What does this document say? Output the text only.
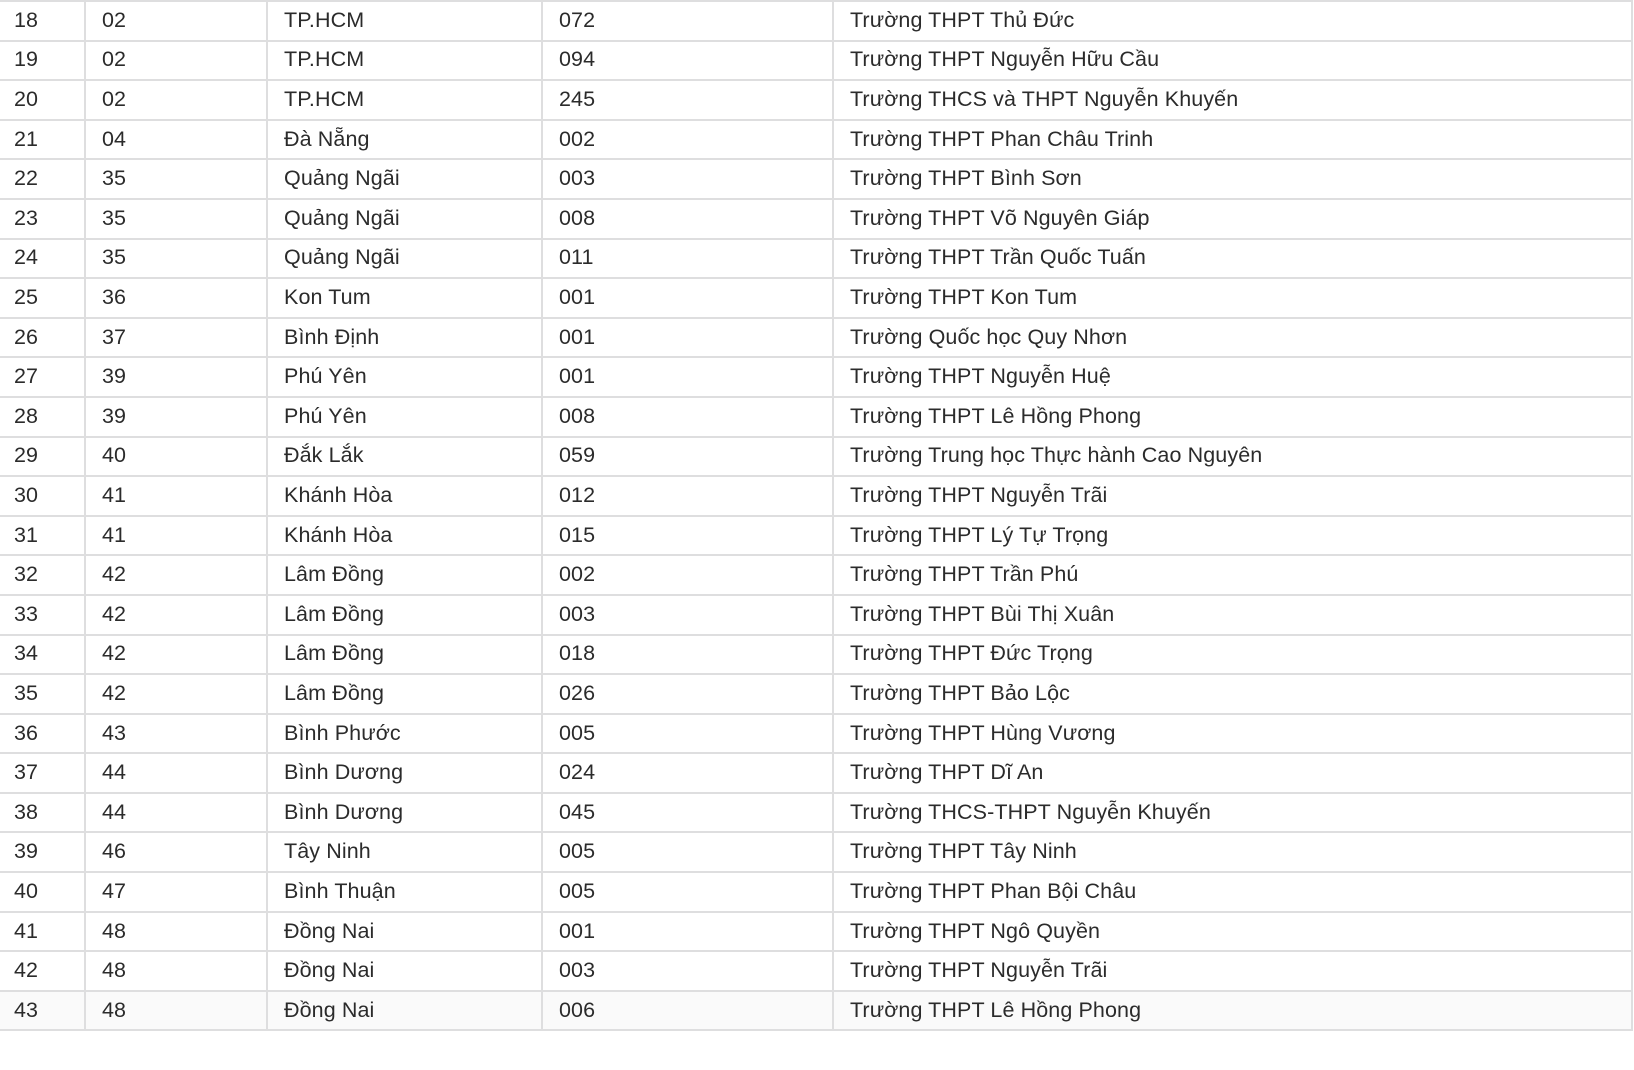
18	02	TP.HCM	072	Trường THPT Thủ Đức
19	02	TP.HCM	094	Trường THPT Nguyễn Hữu Cầu
20	02	TP.HCM	245	Trường THCS và THPT Nguyễn Khuyến
21	04	Đà Nẵng	002	Trường THPT Phan Châu Trinh
22	35	Quảng Ngãi	003	Trường THPT Bình Sơn
23	35	Quảng Ngãi	008	Trường THPT Võ Nguyên Giáp
24	35	Quảng Ngãi	011	Trường THPT Trần Quốc Tuấn
25	36	Kon Tum	001	Trường THPT Kon Tum
26	37	Bình Định	001	Trường Quốc học Quy Nhơn
27	39	Phú Yên	001	Trường THPT Nguyễn Huệ
28	39	Phú Yên	008	Trường THPT Lê Hồng Phong
29	40	Đắk Lắk	059	Trường Trung học Thực hành Cao Nguyên
30	41	Khánh Hòa	012	Trường THPT Nguyễn Trãi
31	41	Khánh Hòa	015	Trường THPT Lý Tự Trọng
32	42	Lâm Đồng	002	Trường THPT Trần Phú
33	42	Lâm Đồng	003	Trường THPT Bùi Thị Xuân
34	42	Lâm Đồng	018	Trường THPT Đức Trọng
35	42	Lâm Đồng	026	Trường THPT Bảo Lộc
36	43	Bình Phước	005	Trường THPT Hùng Vương
37	44	Bình Dương	024	Trường THPT Dĩ An
38	44	Bình Dương	045	Trường THCS-THPT Nguyễn Khuyến
39	46	Tây Ninh	005	Trường THPT Tây Ninh
40	47	Bình Thuận	005	Trường THPT Phan Bội Châu
41	48	Đồng Nai	001	Trường THPT Ngô Quyền
42	48	Đồng Nai	003	Trường THPT Nguyễn Trãi
43	48	Đồng Nai	006	Trường THPT Lê Hồng Phong
